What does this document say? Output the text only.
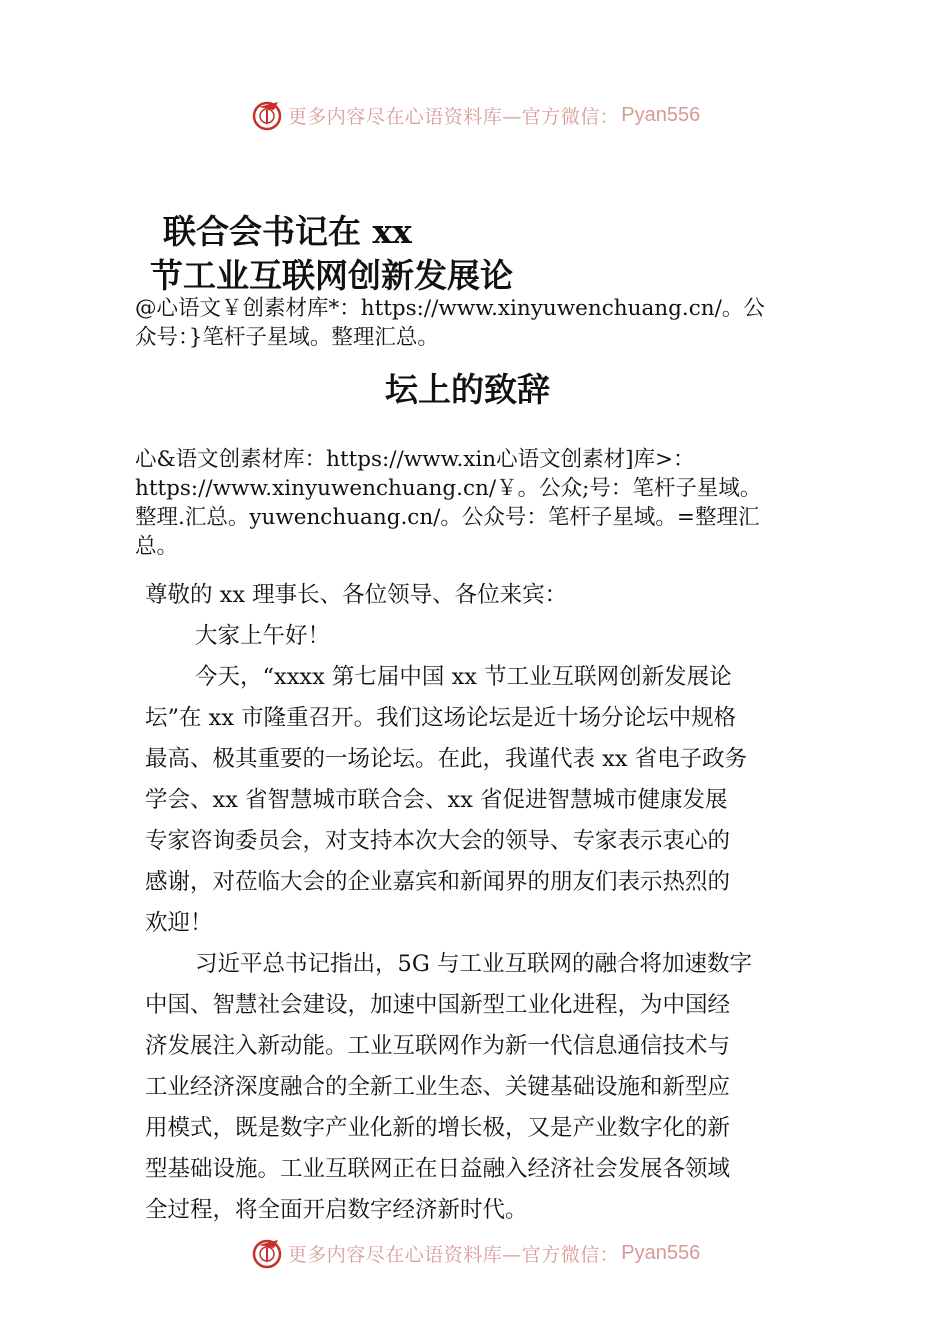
更多内容尽在心语资料库—官方微信： Pyan556
联合会书记在 xx
节工业互联网创新发展论
@心语文￥创素材库*：https://www.xinyuwenchuang.cn/。公
众号：}笔杆子星域。整理汇总。
坛上的致辞
心&语文创素材库：https://www.xin心语文创素材]库>：
https://www.xinyuwenchuang.cn/￥。公众;号：笔杆子星域。
整理.汇总。yuwenchuang.cn/。公众号：笔杆子星域。=整理汇
总。
尊敬的 xx 理事长、各位领导、各位来宾：
大家上午好！
今天，“xxxx 第七届中国 xx 节工业互联网创新发展论
坛”在 xx 市隆重召开。我们这场论坛是近十场分论坛中规格
最高、极其重要的一场论坛。在此，我谨代表 xx 省电子政务
学会、xx 省智慧城市联合会、xx 省促进智慧城市健康发展
专家咨询委员会，对支持本次大会的领导、专家表示衷心的
感谢，对莅临大会的企业嘉宾和新闻界的朋友们表示热烈的
欢迎！
习近平总书记指出，5G 与工业互联网的融合将加速数字
中国、智慧社会建设，加速中国新型工业化进程，为中国经
济发展注入新动能。工业互联网作为新一代信息通信技术与
工业经济深度融合的全新工业生态、关键基础设施和新型应
用模式，既是数字产业化新的增长极，又是产业数字化的新
型基础设施。工业互联网正在日益融入经济社会发展各领域
全过程，将全面开启数字经济新时代。
更多内容尽在心语资料库—官方微信： Pyan556
